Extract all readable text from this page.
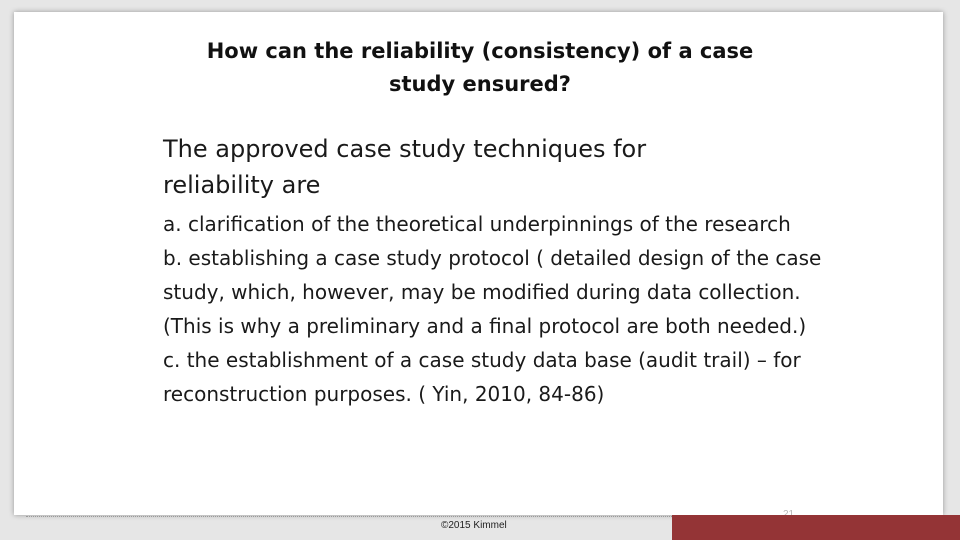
How can the reliability (consistency) of a case
study ensured?
The approved case study techniques for
reliability are

a. clarification of the theoretical underpinnings of the research

b. establishing a case study protocol ( detailed design of the case study, which, however, may be modified during data collection. (This is why a preliminary and a final protocol are both needed.)

c. the establishment of a case study data base (audit trail) – for reconstruction purposes. ( Yin, 2010, 84-86)

©2015 Kimmel
